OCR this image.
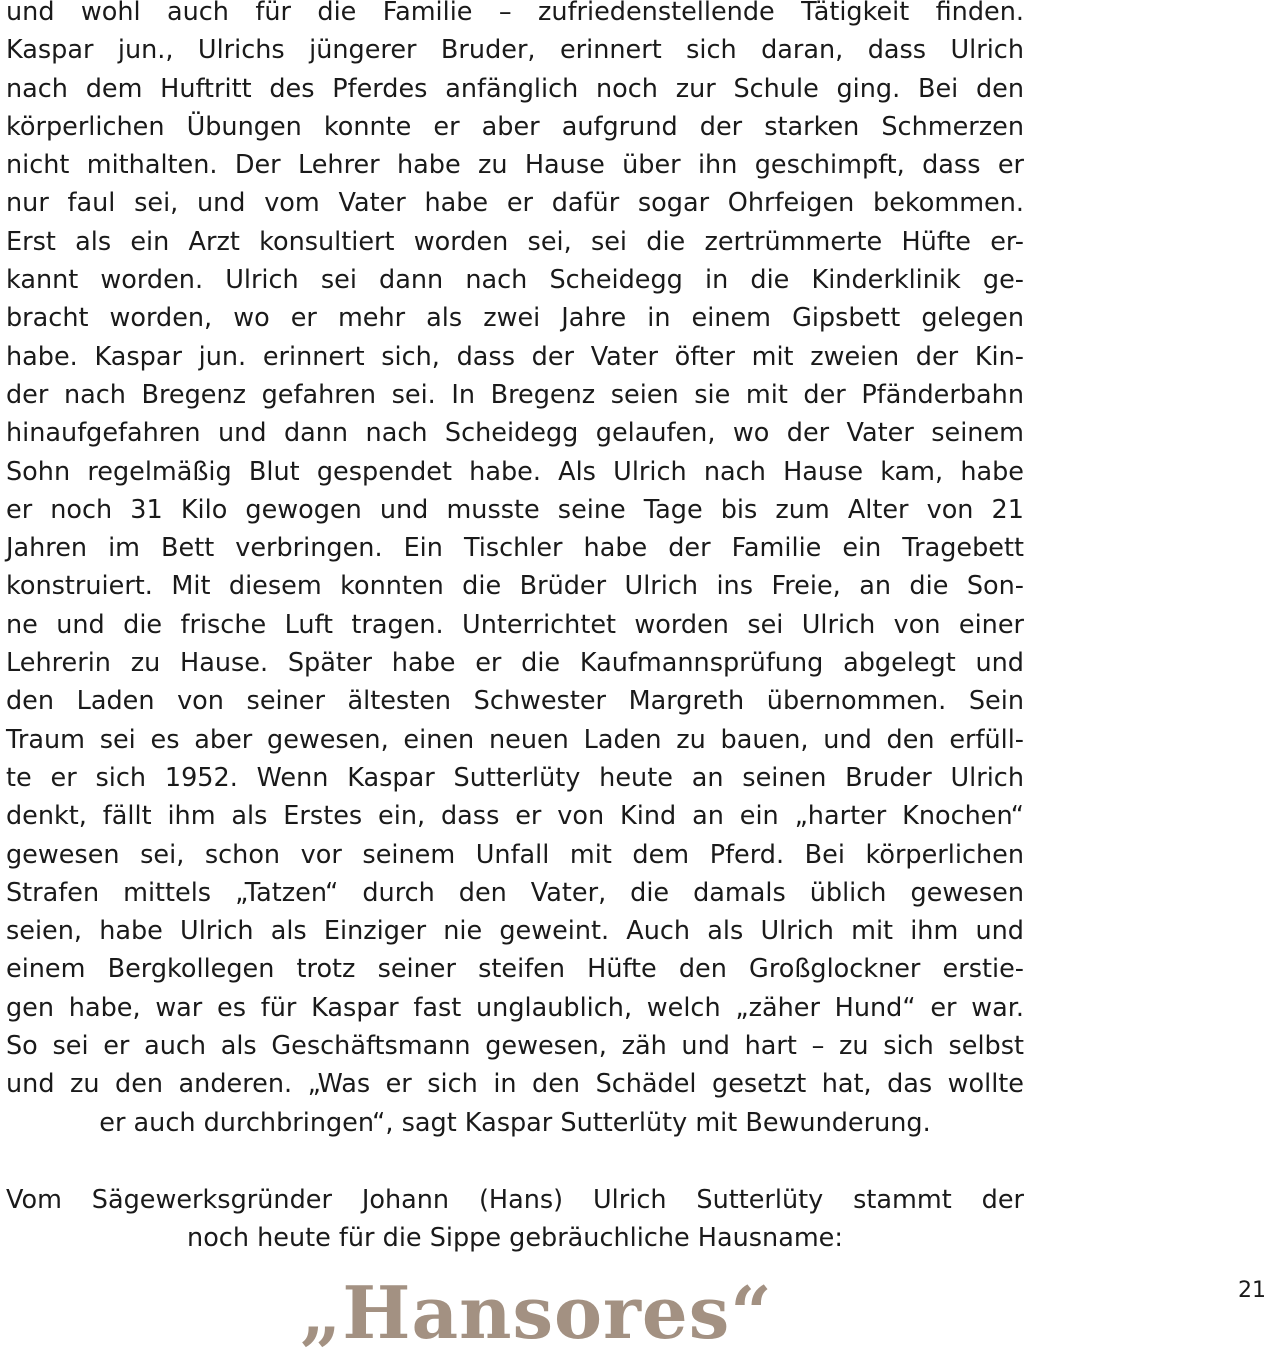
und wohl auch für die Familie – zufriedenstellende Tätigkeit finden.
Kaspar jun., Ulrichs jüngerer Bruder, erinnert sich daran, dass Ulrich
nach dem Huftritt des Pferdes anfänglich noch zur Schule ging. Bei den
körperlichen Übungen konnte er aber aufgrund der starken Schmerzen
nicht mithalten. Der Lehrer habe zu Hause über ihn geschimpft, dass er
nur faul sei, und vom Vater habe er dafür sogar Ohrfeigen bekommen.
Erst als ein Arzt konsultiert worden sei, sei die zertrümmerte Hüfte er-
kannt worden. Ulrich sei dann nach Scheidegg in die Kinderklinik ge-
bracht worden, wo er mehr als zwei Jahre in einem Gipsbett gelegen
habe. Kaspar jun. erinnert sich, dass der Vater öfter mit zweien der Kin-
der nach Bregenz gefahren sei. In Bregenz seien sie mit der Pfänderbahn
hinaufgefahren und dann nach Scheidegg gelaufen, wo der Vater seinem
Sohn regelmäßig Blut gespendet habe. Als Ulrich nach Hause kam, habe
er noch 31 Kilo gewogen und musste seine Tage bis zum Alter von 21
Jahren im Bett verbringen. Ein Tischler habe der Familie ein Tragebett
konstruiert. Mit diesem konnten die Brüder Ulrich ins Freie, an die Son-
ne und die frische Luft tragen. Unterrichtet worden sei Ulrich von einer
Lehrerin zu Hause. Später habe er die Kaufmannsprüfung abgelegt und
den Laden von seiner ältesten Schwester Margreth übernommen. Sein
Traum sei es aber gewesen, einen neuen Laden zu bauen, und den erfüll-
te er sich 1952. Wenn Kaspar Sutterlüty heute an seinen Bruder Ulrich
denkt, fällt ihm als Erstes ein, dass er von Kind an ein „harter Knochen“
gewesen sei, schon vor seinem Unfall mit dem Pferd. Bei körperlichen
Strafen mittels „Tatzen“ durch den Vater, die damals üblich gewesen
seien, habe Ulrich als Einziger nie geweint. Auch als Ulrich mit ihm und
einem Bergkollegen trotz seiner steifen Hüfte den Großglockner erstie-
gen habe, war es für Kaspar fast unglaublich, welch „zäher Hund“ er war.
So sei er auch als Geschäftsmann gewesen, zäh und hart – zu sich selbst
und zu den anderen. „Was er sich in den Schädel gesetzt hat, das wollte
er auch durchbringen“, sagt Kaspar Sutterlüty mit Bewunderung.
Vom Sägewerksgründer Johann (Hans) Ulrich Sutterlüty stammt der
noch heute für die Sippe gebräuchliche Hausname:
„Hansores“	21
